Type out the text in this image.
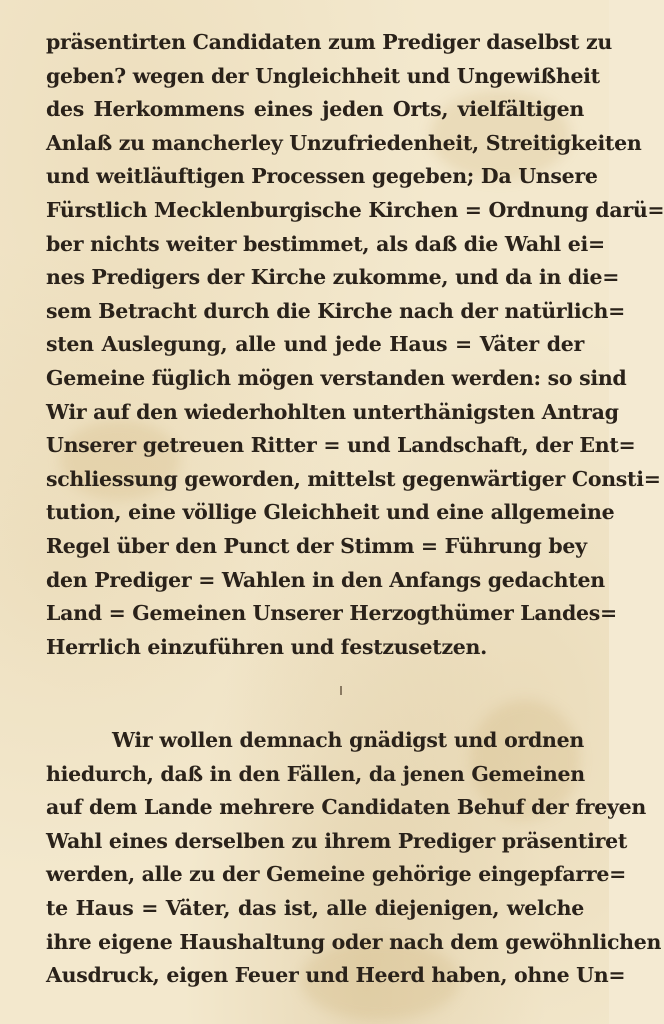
präsentirten Candidaten zum Prediger daselbst zu
geben? wegen der Ungleichheit und Ungewißheit
des Herkommens eines jeden Orts, vielfältigen
Anlaß zu mancherley Unzufriedenheit, Streitigkeiten
und weitläuftigen Processen gegeben; Da Unsere
Fürstlich Mecklenburgische Kirchen = Ordnung darü=
ber nichts weiter bestimmet, als daß die Wahl ei=
nes Predigers der Kirche zukomme, und da in die=
sem Betracht durch die Kirche nach der natürlich=
sten Auslegung, alle und jede Haus = Väter der
Gemeine füglich mögen verstanden werden: so sind
Wir auf den wiederhohlten unterthänigsten Antrag
Unserer getreuen Ritter = und Landschaft, der Ent=
schliessung geworden, mittelst gegenwärtiger Consti=
tution, eine völlige Gleichheit und eine allgemeine
Regel über den Punct der Stimm = Führung bey
den Prediger = Wahlen in den Anfangs gedachten
Land = Gemeinen Unserer Herzogthümer Landes=
Herrlich einzuführen und festzusetzen.
Wir wollen demnach gnädigst und ordnen
hiedurch, daß in den Fällen, da jenen Gemeinen
auf dem Lande mehrere Candidaten Behuf der freyen
Wahl eines derselben zu ihrem Prediger präsentiret
werden, alle zu der Gemeine gehörige eingepfarre=
te Haus = Väter, das ist, alle diejenigen, welche
ihre eigene Haushaltung oder nach dem gewöhnlichen
Ausdruck, eigen Feuer und Heerd haben, ohne Un=
